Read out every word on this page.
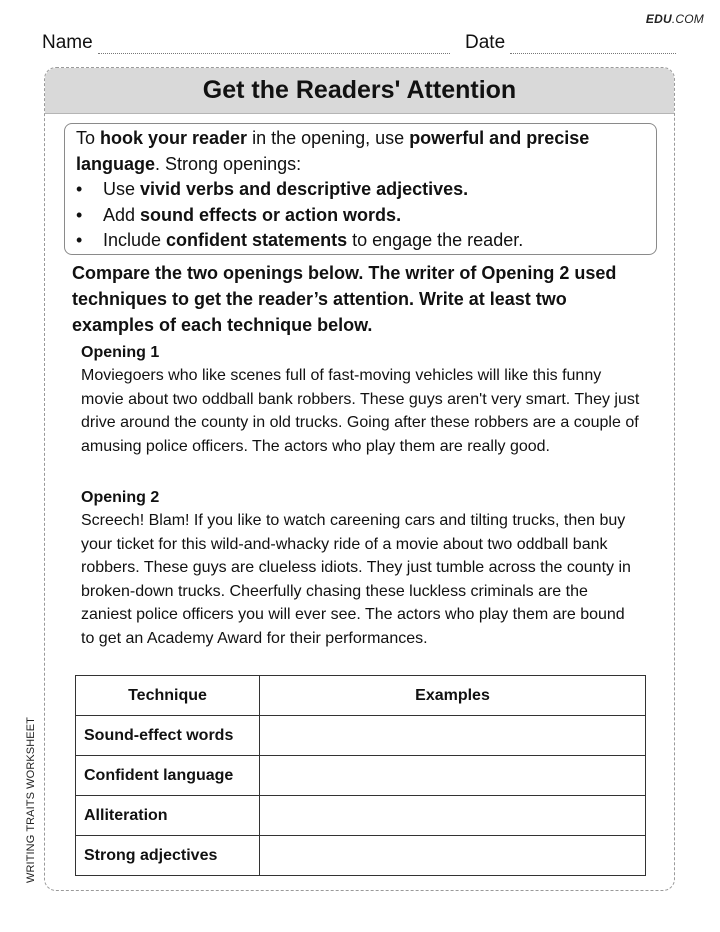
EDU.COM
Name	Date
Get the Readers' Attention

To hook your reader in the opening, use powerful and precise language. Strong openings:

• Use vivid verbs and descriptive adjectives.
• Add sound effects or action words.
• Include confident statements to engage the reader.

Compare the two openings below. The writer of Opening 2 used techniques to get the reader’s attention. Write at least two examples of each technique below.

Opening 1

Moviegoers who like scenes full of fast-moving vehicles will like this funny movie about two oddball bank robbers. These guys aren't very smart. They just drive around the county in old trucks. Going after these robbers are a couple of amusing police officers. The actors who play them are really good.

Opening 2

Screech! Blam! If you like to watch careening cars and tilting trucks, then buy your ticket for this wild-and-whacky ride of a movie about two oddball bank robbers. These guys are clueless idiots. They just tumble across the county in broken-down trucks. Cheerfully chasing these luckless criminals are the zaniest police officers you will ever see. The actors who play them are bound to get an Academy Award for their performances.

Technique	Examples
Sound-effect words	
Confident language	
Alliteration	
Strong adjectives	
WRITING TRAITS WORKSHEET
